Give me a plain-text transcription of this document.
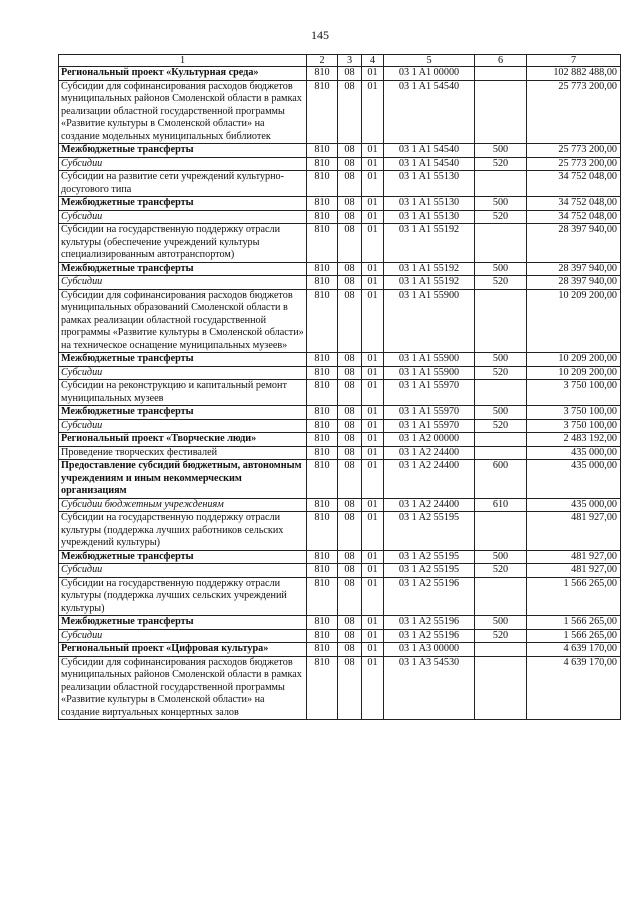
145
1	2	3	4	5	6	7
Региональный проект «Культурная среда»	810	08	01	03 1 A1 00000		102 882 488,00
Субсидии для софинансирования расходов бюджетов муниципальных районов Смоленской области в рамках реализации областной государственной программы «Развитие культуры в Смоленской области» на создание модельных муниципальных библиотек	810	08	01	03 1 A1 54540		25 773 200,00
Межбюджетные трансферты	810	08	01	03 1 A1 54540	500	25 773 200,00
Субсидии	810	08	01	03 1 A1 54540	520	25 773 200,00
Субсидии на развитие сети учреждений культурно-досугового типа	810	08	01	03 1 A1 55130		34 752 048,00
Межбюджетные трансферты	810	08	01	03 1 A1 55130	500	34 752 048,00
Субсидии	810	08	01	03 1 A1 55130	520	34 752 048,00
Субсидии на государственную поддержку отрасли культуры (обеспечение учреждений культуры специализированным автотранспортом)	810	08	01	03 1 A1 55192		28 397 940,00
Межбюджетные трансферты	810	08	01	03 1 A1 55192	500	28 397 940,00
Субсидии	810	08	01	03 1 A1 55192	520	28 397 940,00
Субсидии для софинансирования расходов бюджетов муниципальных образований Смоленской области в рамках реализации областной государственной программы «Развитие культуры в Смоленской области» на техническое оснащение муниципальных музеев»	810	08	01	03 1 A1 55900		10 209 200,00
Межбюджетные трансферты	810	08	01	03 1 A1 55900	500	10 209 200,00
Субсидии	810	08	01	03 1 A1 55900	520	10 209 200,00
Субсидии на реконструкцию и капитальный ремонт муниципальных музеев	810	08	01	03 1 A1 55970		3 750 100,00
Межбюджетные трансферты	810	08	01	03 1 A1 55970	500	3 750 100,00
Субсидии	810	08	01	03 1 A1 55970	520	3 750 100,00
Региональный проект «Творческие люди»	810	08	01	03 1 A2 00000		2 483 192,00
Проведение творческих фестивалей	810	08	01	03 1 A2 24400		435 000,00
Предоставление субсидий бюджетным, автономным учреждениям и иным некоммерческим организациям	810	08	01	03 1 A2 24400	600	435 000,00
Субсидии бюджетным учреждениям	810	08	01	03 1 A2 24400	610	435 000,00
Субсидии на государственную поддержку отрасли культуры (поддержка лучших работников сельских учреждений культуры)	810	08	01	03 1 A2 55195		481 927,00
Межбюджетные трансферты	810	08	01	03 1 A2 55195	500	481 927,00
Субсидии	810	08	01	03 1 A2 55195	520	481 927,00
Субсидии на государственную поддержку отрасли культуры (поддержка лучших сельских учреждений культуры)	810	08	01	03 1 A2 55196		1 566 265,00
Межбюджетные трансферты	810	08	01	03 1 A2 55196	500	1 566 265,00
Субсидии	810	08	01	03 1 A2 55196	520	1 566 265,00
Региональный проект «Цифровая культура»	810	08	01	03 1 A3 00000		4 639 170,00
Субсидии для софинансирования расходов бюджетов муниципальных районов Смоленской области в рамках реализации областной государственной программы «Развитие культуры в Смоленской области» на создание виртуальных концертных залов	810	08	01	03 1 A3 54530		4 639 170,00
